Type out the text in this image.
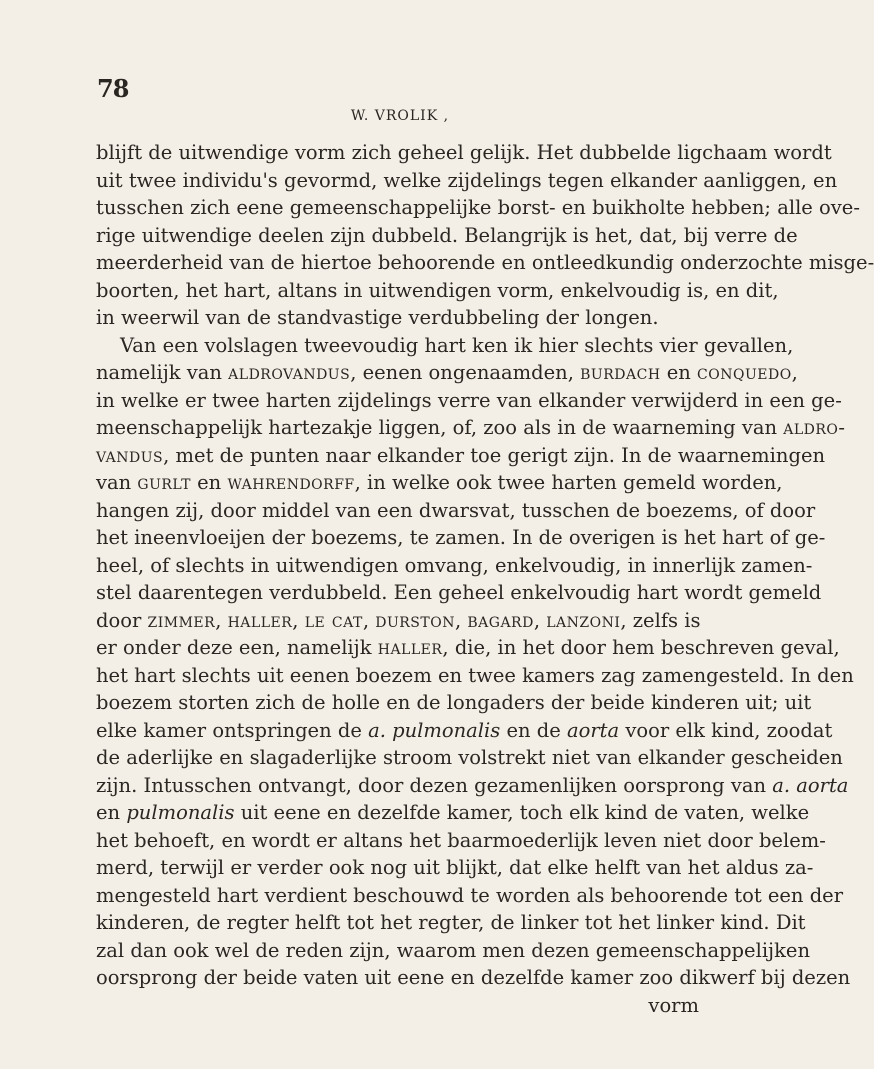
78
W. VROLIK ,
blijft de uitwendige vorm zich geheel gelijk. Het dubbelde ligchaam wordt
uit twee individu's gevormd, welke zijdelings tegen elkander aanliggen, en
tusschen zich eene gemeenschappelijke borst- en buikholte hebben; alle ove-
rige uitwendige deelen zijn dubbeld. Belangrijk is het, dat, bij verre de
meerderheid van de hiertoe behoorende en ontleedkundig onderzochte misge-
boorten, het hart, altans in uitwendigen vorm, enkelvoudig is, en dit,
in weerwil van de standvastige verdubbeling der longen.
Van een volslagen tweevoudig hart ken ik hier slechts vier gevallen,
namelijk van aldrovandus, eenen ongenaamden, burdach en conquedo,
in welke er twee harten zijdelings verre van elkander verwijderd in een ge-
meenschappelijk hartezakje liggen, of, zoo als in de waarneming van aldro-
vandus, met de punten naar elkander toe gerigt zijn. In de waarnemingen
van gurlt en wahrendorff, in welke ook twee harten gemeld worden,
hangen zij, door middel van een dwarsvat, tusschen de boezems, of door
het ineenvloeijen der boezems, te zamen. In de overigen is het hart of ge-
heel, of slechts in uitwendigen omvang, enkelvoudig, in innerlijk zamen-
stel daarentegen verdubbeld. Een geheel enkelvoudig hart wordt gemeld
door zimmer, haller, le cat, durston, bagard, lanzoni, zelfs is
er onder deze een, namelijk haller, die, in het door hem beschreven geval,
het hart slechts uit eenen boezem en twee kamers zag zamengesteld. In den
boezem storten zich de holle en de longaders der beide kinderen uit; uit
elke kamer ontspringen de a. pulmonalis en de aorta voor elk kind, zoodat
de aderlijke en slagaderlijke stroom volstrekt niet van elkander gescheiden
zijn. Intusschen ontvangt, door dezen gezamenlijken oorsprong van a. aorta
en pulmonalis uit eene en dezelfde kamer, toch elk kind de vaten, welke
het behoeft, en wordt er altans het baarmoederlijk leven niet door belem-
merd, terwijl er verder ook nog uit blijkt, dat elke helft van het aldus za-
mengesteld hart verdient beschouwd te worden als behoorende tot een der
kinderen, de regter helft tot het regter, de linker tot het linker kind. Dit
zal dan ook wel de reden zijn, waarom men dezen gemeenschappelijken
oorsprong der beide vaten uit eene en dezelfde kamer zoo dikwerf bij dezen
vorm
